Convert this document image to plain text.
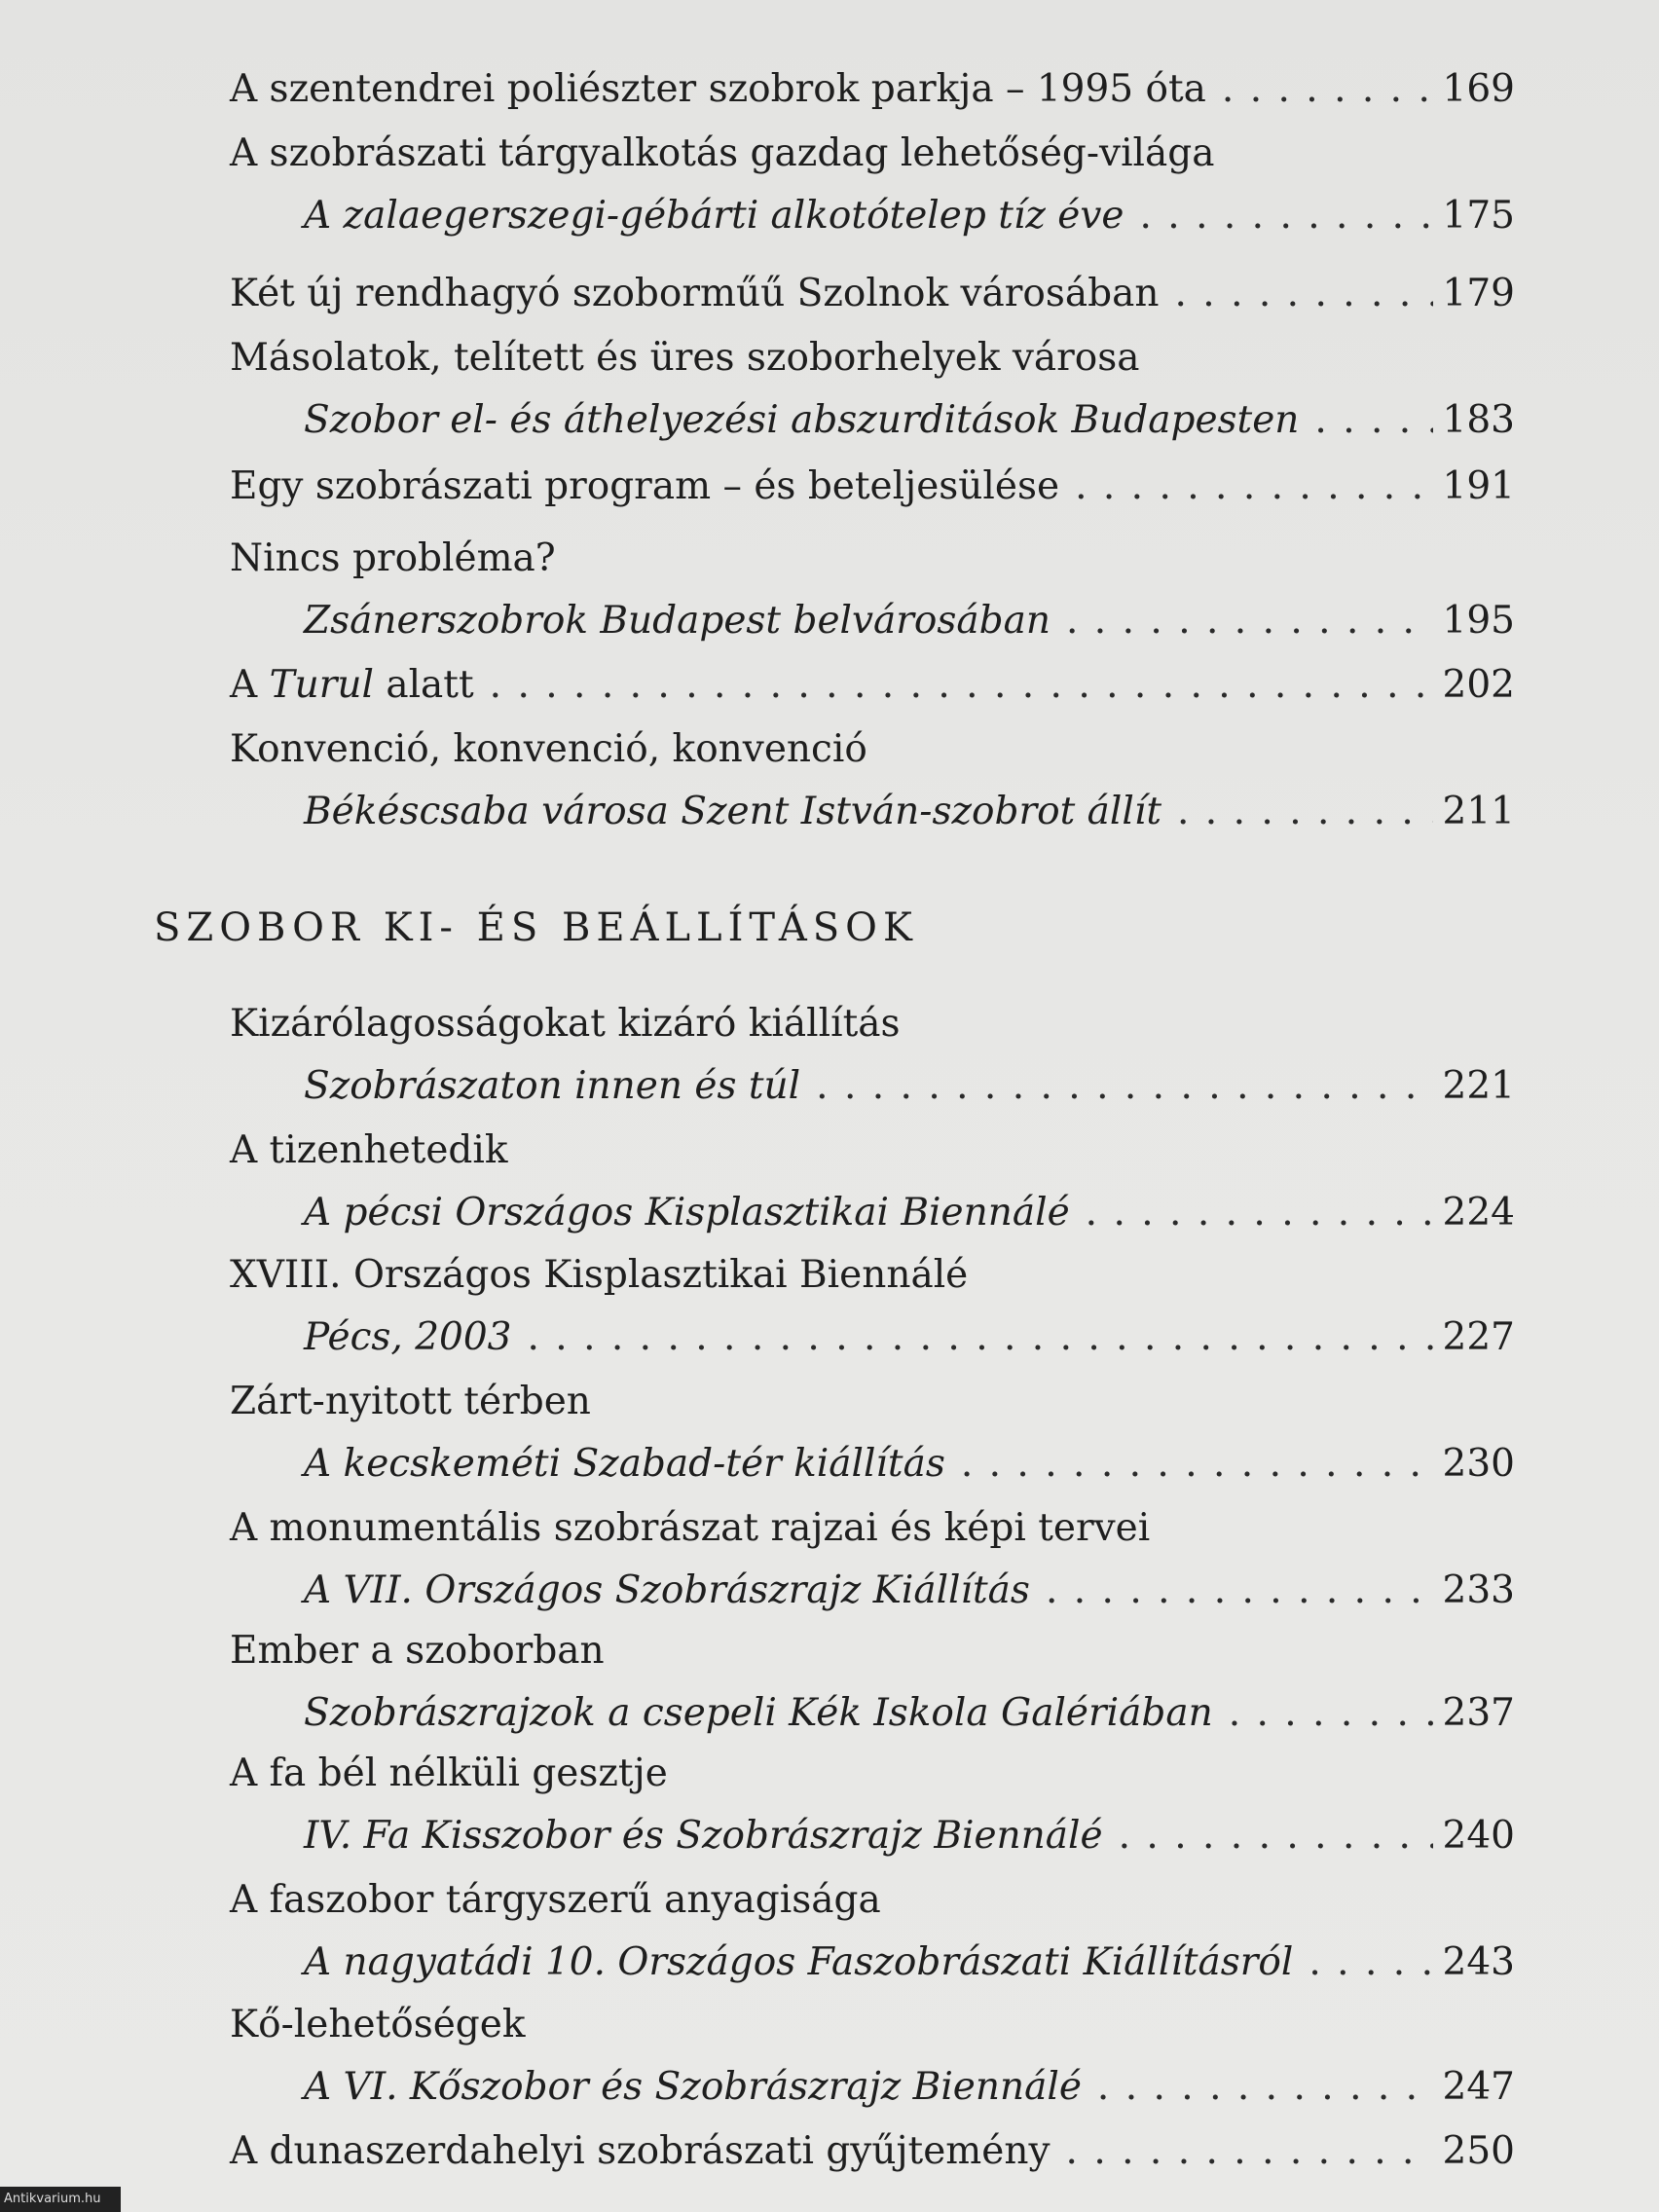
A szentendrei poliészter szobrok parkja – 1995 óta . . .	169
A szobrászati tárgyalkotás gazdag lehetőség-világa
A zalaegerszegi-gébárti alkotótelep tíz éve . . .	175
Két új rendhagyó szoborműű Szolnok városában . . .	179
Másolatok, telített és üres szoborhelyek városa
Szobor el- és áthelyezési abszurditások Budapesten . . .	183
Egy szobrászati program – és beteljesülése . . .	191
Nincs probléma?
Zsánerszobrok Budapest belvárosában . . .	195
A Turul alatt . . .	202
Konvenció, konvenció, konvenció
Békéscsaba városa Szent István-szobrot állít . . .	211
SZOBOR KI- ÉS BEÁLLÍTÁSOK
Kizárólagosságokat kizáró kiállítás
Szobrászaton innen és túl . . .	221
A tizenhetedik
A pécsi Országos Kisplasztikai Biennálé . . .	224
XVIII. Országos Kisplasztikai Biennálé
Pécs, 2003 . . .	227
Zárt-nyitott térben
A kecskeméti Szabad-tér kiállítás . . .	230
A monumentális szobrászat rajzai és képi tervei
A VII. Országos Szobrászrajz Kiállítás . . .	233
Ember a szoborban
Szobrászrajzok a csepeli Kék Iskola Galériában . . .	237
A fa bél nélküli gesztje
IV. Fa Kisszobor és Szobrászrajz Biennálé . . .	240
A faszobor tárgyszerű anyagisága
A nagyatádi 10. Országos Faszobrászati Kiállításról . . .	243
Kő-lehetőségek
A VI. Kőszobor és Szobrászrajz Biennálé . . .	247
A dunaszerdahelyi szobrászati gyűjtemény . . .	250
Antikvarium.hu
